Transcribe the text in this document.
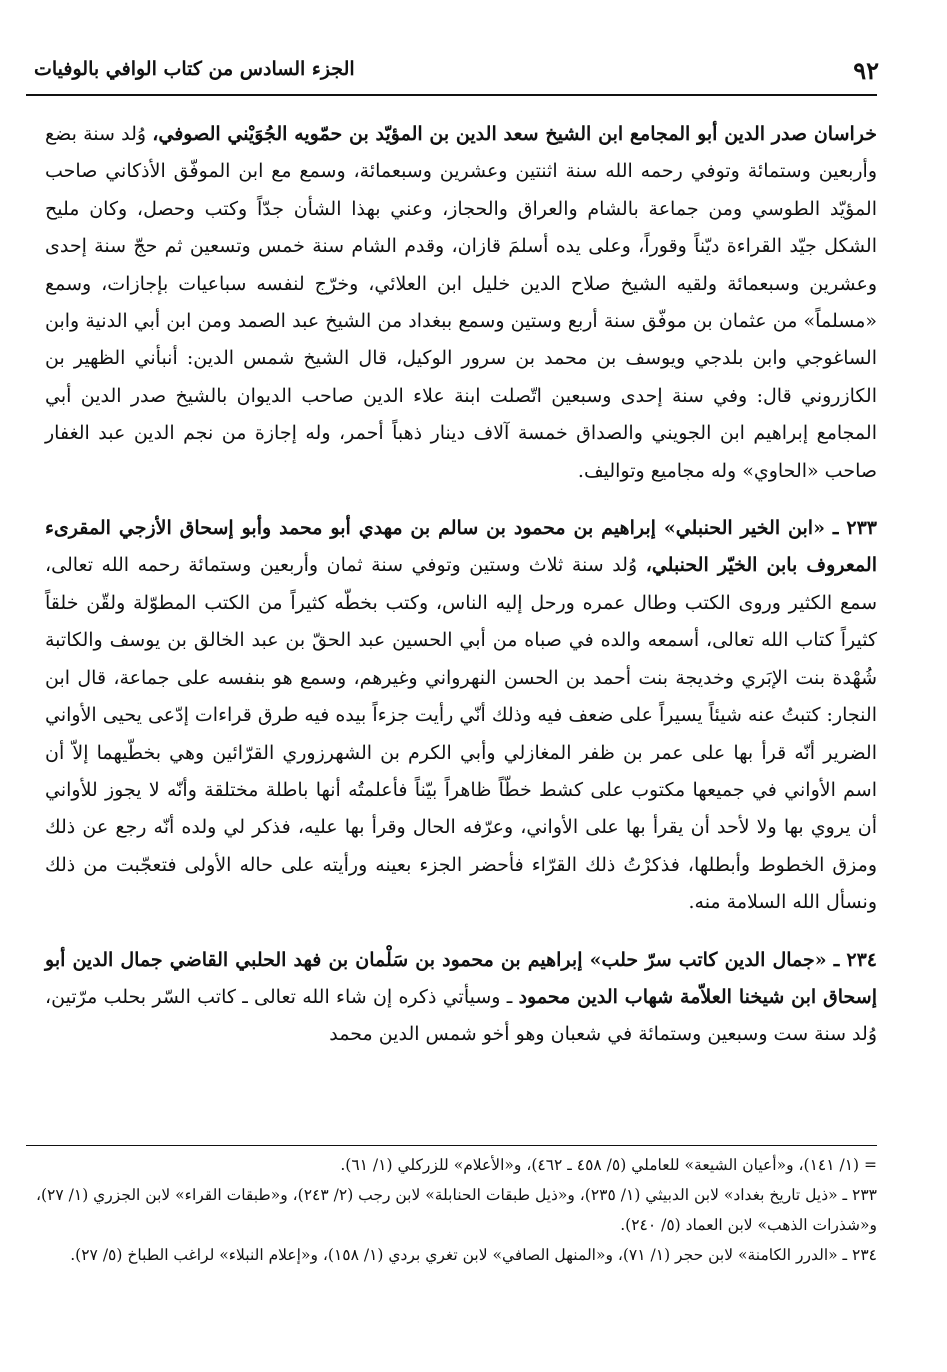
٩٢
الجزء السادس من كتاب الوافي بالوفيات

خراسان صدر الدين أبو المجامع ابن الشيخ سعد الدين بن المؤيّد بن حمّويه الجُوَيْني الصوفي، وُلد سنة بضع وأربعين وستمائة وتوفي رحمه الله سنة اثنتين وعشرين وسبعمائة، وسمع مع ابن الموفّق الأذكاني صاحب المؤيّد الطوسي ومن جماعة بالشام والعراق والحجاز، وعني بهذا الشأن جدّاً وكتب وحصل، وكان مليح الشكل جيّد القراءة ديّناً وقوراً، وعلى يده أسلمَ قازان، وقدم الشام سنة خمس وتسعين ثم حجّ سنة إحدى وعشرين وسبعمائة ولقيه الشيخ صلاح الدين خليل ابن العلائي، وخرّج لنفسه سباعيات بإجازات، وسمع «مسلماً» من عثمان بن موفّق سنة أربع وستين وسمع ببغداد من الشيخ عبد الصمد ومن ابن أبي الدنية وابن الساغوجي وابن بلدجي ويوسف بن محمد بن سرور الوكيل، قال الشيخ شمس الدين: أنبأني الظهير بن الكازروني قال: وفي سنة إحدى وسبعين اتّصلت ابنة علاء الدين صاحب الديوان بالشيخ صدر الدين أبي المجامع إبراهيم ابن الجويني والصداق خمسة آلاف دينار ذهباً أحمر، وله إجازة من نجم الدين عبد الغفار صاحب «الحاوي» وله مجاميع وتواليف.

٢٣٣ ـ «ابن الخير الحنبلي» إبراهيم بن محمود بن سالم بن مهدي أبو محمد وأبو إسحاق الأزجي المقرىء المعروف بابن الخيّر الحنبلي، وُلد سنة ثلاث وستين وتوفي سنة ثمان وأربعين وستمائة رحمه الله تعالى، سمع الكثير وروى الكتب وطال عمره ورحل إليه الناس، وكتب بخطّه كثيراً من الكتب المطوّلة ولقّن خلقاً كثيراً كتاب الله تعالى، أسمعه والده في صباه من أبي الحسين عبد الحقّ بن عبد الخالق بن يوسف والكاتبة شُهْدة بنت الإبَري وخديجة بنت أحمد بن الحسن النهرواني وغيرهم، وسمع هو بنفسه على جماعة، قال ابن النجار: كتبتُ عنه شيئاً يسيراً على ضعف فيه وذلك أنّي رأيت جزءاً بيده فيه طرق قراءات إدّعى يحيى الأواني الضرير أنّه قرأ بها على عمر بن ظفر المغازلي وأبي الكرم بن الشهرزوري القرّائين وهي بخطّيهما إلاّ أن اسم الأواني في جميعها مكتوب على كشط خطّاً ظاهراً بيّناً فأعلمتُه أنها باطلة مختلقة وأنّه لا يجوز للأواني أن يروي بها ولا لأحد أن يقرأ بها على الأواني، وعرّفه الحال وقرأ بها عليه، فذكر لي ولده أنّه رجع عن ذلك ومزق الخطوط وأبطلها، فذكرْتُ ذلك القرّاء فأحضر الجزء بعينه ورأيته على حاله الأولى فتعجّبت من ذلك ونسأل الله السلامة منه.

٢٣٤ ـ «جمال الدين كاتب سرّ حلب» إبراهيم بن محمود بن سَلْمان بن فهد الحلبي القاضي جمال الدين أبو إسحاق ابن شيخنا العلاّمة شهاب الدين محمود ـ وسيأتي ذكره إن شاء الله تعالى ـ كاتب السّر بحلب مرّتين، وُلد سنة ست وسبعين وستمائة في شعبان وهو أخو شمس الدين محمد

= (١/ ١٤١)، و«أعيان الشيعة» للعاملي (٥/ ٤٥٨ ـ ٤٦٢)، و«الأعلام» للزركلي (١/ ٦١).

٢٣٣ ـ «ذيل تاريخ بغداد» لابن الدبيثي (١/ ٢٣٥)، و«ذيل طبقات الحنابلة» لابن رجب (٢/ ٢٤٣)، و«طبقات القراء» لابن الجزري (١/ ٢٧)، و«شذرات الذهب» لابن العماد (٥/ ٢٤٠).

٢٣٤ ـ «الدرر الكامنة» لابن حجر (١/ ٧١)، و«المنهل الصافي» لابن تغري بردي (١/ ١٥٨)، و«إعلام النبلاء» لراغب الطباخ (٥/ ٢٧).
